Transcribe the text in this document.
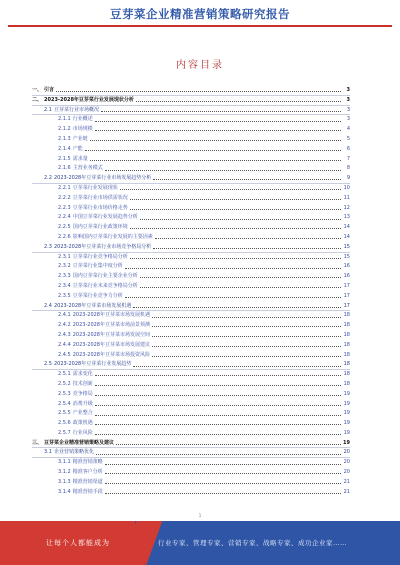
豆芽菜企业精准营销策略研究报告
内容目录
一、 引言	3
二、 2023-2028年豆芽菜行业发展现状分析	3
2.1 豆芽菜行业市场概况	3
2.1.1 行业概述	3
2.1.2 市场规模	4
2.1.3 产业链	5
2.1.4 产能	6
2.1.5 需求量	7
2.1.6 主营业务模式	8
2.2 2023-2028年豆芽菜行业市场发展趋势分析	9
2.2.1 豆芽菜行业发展现状	10
2.2.2 豆芽菜行业市场供需状况	11
2.2.3 豆芽菜行业市场价格走势	12
2.2.4 中国豆芽菜行业发展趋势分析	13
2.2.5 国内豆芽菜行业政策环境	14
2.2.6 影响国内豆芽菜行业发展的主要因素	14
2.3 2023-2028年豆芽菜行业市场竞争格局分析	15
2.3.1 豆芽菜行业竞争格局分析	15
2.3.2 豆芽菜行业集中度分析	16
2.3.3 国内豆芽菜行业主要企业分析	16
2.3.4 豆芽菜行业未来竞争格局分析	17
2.3.5 豆芽菜行业竞争力分析	17
2.4 2023-2028年豆芽菜市场发展机遇	17
2.4.1 2023-2028年豆芽菜市场发展机遇	18
2.4.2 2023-2028年豆芽菜市场前景预测	18
2.4.3 2023-2028年豆芽菜市场发展空间	18
2.4.4 2023-2028年豆芽菜市场发展建议	18
2.4.5 2023-2028年豆芽菜市场投资风险	18
2.5 2023-2028年豆芽菜行业发展趋势	18
2.5.1 需求变化	18
2.5.2 技术创新	18
2.5.3 竞争格局	19
2.5.4 消费升级	19
2.5.5 产业整合	19
2.5.6 政策机遇	19
2.5.7 行业风险	19
三、 豆芽菜企业精准营销策略及建议	19
3.1 企业营销策略优化	20
3.1.1 精准营销策略	20
3.1.2 精准客户分析	20
3.1.3 精准营销渠道	21
3.1.4 精准营销手段	21
1
让每个人都能成为	行业专家、管理专家、营销专家、战略专家、成功企业家……
